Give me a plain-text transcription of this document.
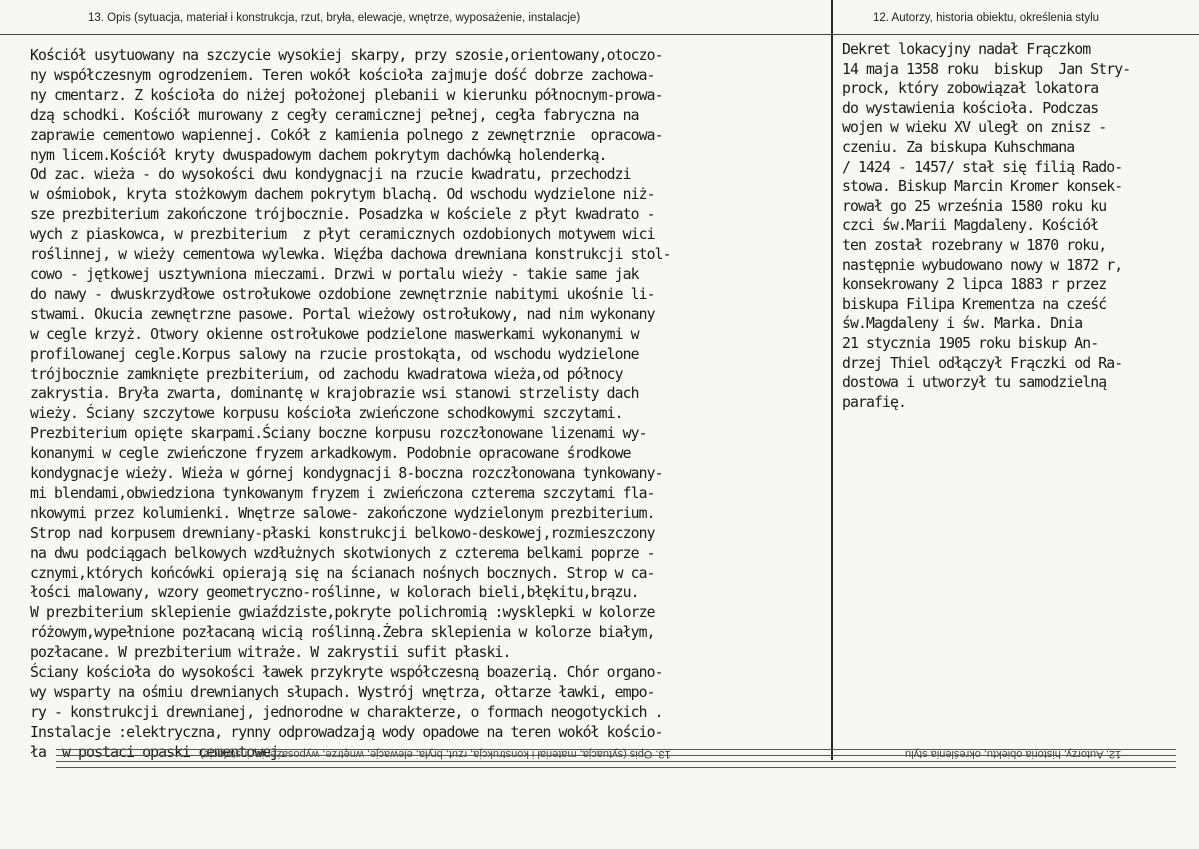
13. Opis (sytuacja, materiał i konstrukcja, rzut, bryła, elewacje, wnętrze, wyposażenie, instalacje)	12. Autorzy, historia obiektu, określenia stylu
Kościół usytuowany na szczycie wysokiej skarpy, przy szosie,orientowany,otoczo-
ny współczesnym ogrodzeniem. Teren wokół kościoła zajmuje dość dobrze zachowa-
ny cmentarz. Z kościoła do niżej położonej plebanii w kierunku północnym-prowa-
dzą schodki. Kościół murowany z cegły ceramicznej pełnej, cegła fabryczna na
zaprawie cementowo wapiennej. Cokół z kamienia polnego z zewnętrznie  opracowa-
nym licem.Kościół kryty dwuspadowym dachem pokrytym dachówką holenderką.
Od zac. wieża - do wysokości dwu kondygnacji na rzucie kwadratu, przechodzi
w ośmiobok, kryta stożkowym dachem pokrytym blachą. Od wschodu wydzielone niż-
sze prezbiterium zakończone trójbocznie. Posadzka w kościele z płyt kwadrato -
wych z piaskowca, w prezbiterium  z płyt ceramicznych ozdobionych motywem wici
roślinnej, w wieży cementowa wylewka. Więźba dachowa drewniana konstrukcji stol-
cowo - jętkowej usztywniona mieczami. Drzwi w portalu wieży - takie same jak
do nawy - dwuskrzydłowe ostrołukowe ozdobione zewnętrznie nabitymi ukośnie li-
stwami. Okucia zewnętrzne pasowe. Portal wieżowy ostrołukowy, nad nim wykonany
w cegle krzyż. Otwory okienne ostrołukowe podzielone maswerkami wykonanymi w
profilowanej cegle.Korpus salowy na rzucie prostokąta, od wschodu wydzielone
trójbocznie zamknięte prezbiterium, od zachodu kwadratowa wieża,od północy
zakrystia. Bryła zwarta, dominantę w krajobrazie wsi stanowi strzelisty dach
wieży. Ściany szczytowe korpusu kościoła zwieńczone schodkowymi szczytami.
Prezbiterium opięte skarpami.Ściany boczne korpusu rozczłonowane lizenami wy-
konanymi w cegle zwieńczone fryzem arkadkowym. Podobnie opracowane środkowe
kondygnacje wieży. Wieża w górnej kondygnacji 8-boczna rozczłonowana tynkowany-
mi blendami,obwiedziona tynkowanym fryzem i zwieńczona czterema szczytami fla-
nkowymi przez kolumienki. Wnętrze salowe- zakończone wydzielonym prezbiterium.
Strop nad korpusem drewniany-płaski konstrukcji belkowo-deskowej,rozmieszczony
na dwu podciągach belkowych wzdłużnych skotwionych z czterema belkami poprze -
cznymi,których końcówki opierają się na ścianach nośnych bocznych. Strop w ca-
łości malowany, wzory geometryczno-roślinne, w kolorach bieli,błękitu,brązu.
W prezbiterium sklepienie gwiaździste,pokryte polichromią :wysklepki w kolorze
różowym,wypełnione pozłacaną wicią roślinną.Żebra sklepienia w kolorze białym,
pozłacane. W prezbiterium witraże. W zakrystii sufit płaski.
Ściany kościoła do wysokości ławek przykryte współczesną boazerią. Chór organo-
wy wsparty na ośmiu drewnianych słupach. Wystrój wnętrza, ołtarze ławki, empo-
ry - konstrukcji drewnianej, jednorodne w charakterze, o formach neogotyckich .
Instalacje :elektryczna, rynny odprowadzają wody opadowe na teren wokół kościo-
ła  w postaci opaski cementowej.
Dekret lokacyjny nadał Frączkom
14 maja 1358 roku  biskup  Jan Stry-
prock, który zobowiązał lokatora
do wystawienia kościoła. Podczas
wojen w wieku XV uległ on znisz -
czeniu. Za biskupa Kuhschmana
/ 1424 - 1457/ stał się filią Rado-
stowa. Biskup Marcin Kromer konsek-
rował go 25 września 1580 roku ku
czci św.Marii Magdaleny. Kościół
ten został rozebrany w 1870 roku,
następnie wybudowano nowy w 1872 r,
konsekrowany 2 lipca 1883 r przez
biskupa Filipa Krementza na cześć
św.Magdaleny i św. Marka. Dnia
21 stycznia 1905 roku biskup An-
drzej Thiel odłączył Frączki od Ra-
dostowa i utworzył tu samodzielną
parafię.
13. Opis (sytuacja, materiał i konstrukcja, rzut, bryła, elewacje, wnętrze, wyposażenie, instalacje)	12. Autorzy, historia obiektu, określenia stylu
